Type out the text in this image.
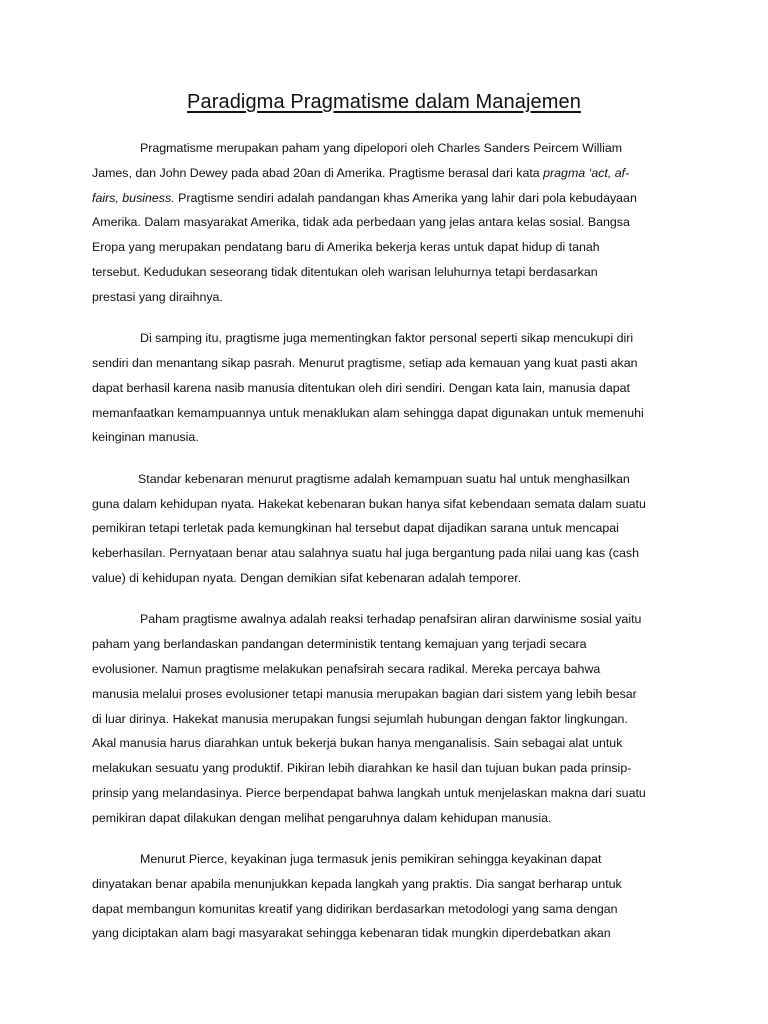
Paradigma Pragmatisme dalam Manajemen

Pragmatisme merupakan paham yang dipelopori oleh Charles Sanders Peircem William
James, dan John Dewey pada abad 20an di Amerika. Pragtisme berasal dari kata pragma ‘act, af-
fairs, business. Pragtisme sendiri adalah pandangan khas Amerika yang lahir dari pola kebudayaan
Amerika. Dalam masyarakat Amerika, tidak ada perbedaan yang jelas antara kelas sosial. Bangsa
Eropa yang merupakan pendatang baru di Amerika bekerja keras untuk dapat hidup di tanah
tersebut. Kedudukan seseorang tidak ditentukan oleh warisan leluhurnya tetapi berdasarkan
prestasi yang diraihnya.

Di samping itu, pragtisme juga mementingkan faktor personal seperti sikap mencukupi diri
sendiri dan menantang sikap pasrah. Menurut pragtisme, setiap ada kemauan yang kuat pasti akan
dapat berhasil karena nasib manusia ditentukan oleh diri sendiri. Dengan kata lain, manusia dapat
memanfaatkan kemampuannya untuk menaklukan alam sehingga dapat digunakan untuk memenuhi
keinginan manusia.

Standar kebenaran menurut pragtisme adalah kemampuan suatu hal untuk menghasilkan
guna dalam kehidupan nyata. Hakekat kebenaran bukan hanya sifat kebendaan semata dalam suatu
pemikiran tetapi terletak pada kemungkinan hal tersebut dapat dijadikan sarana untuk mencapai
keberhasilan. Pernyataan benar atau salahnya suatu hal juga bergantung pada nilai uang kas (cash
value) di kehidupan nyata. Dengan demikian sifat kebenaran adalah temporer.

Paham pragtisme awalnya adalah reaksi terhadap penafsiran aliran darwinisme sosial yaitu
paham yang berlandaskan pandangan deterministik tentang kemajuan yang terjadi secara
evolusioner. Namun pragtisme melakukan penafsirah secara radikal. Mereka percaya bahwa
manusia melalui proses evolusioner tetapi manusia merupakan bagian dari sistem yang lebih besar
di luar dirinya. Hakekat manusia merupakan fungsi sejumlah hubungan dengan faktor lingkungan.
Akal manusia harus diarahkan untuk bekerja bukan hanya menganalisis. Sain sebagai alat untuk
melakukan sesuatu yang produktif. Pikiran lebih diarahkan ke hasil dan tujuan bukan pada prinsip-
prinsip yang melandasinya. Pierce berpendapat bahwa langkah untuk menjelaskan makna dari suatu
pemikiran dapat dilakukan dengan melihat pengaruhnya dalam kehidupan manusia.

Menurut Pierce, keyakinan juga termasuk jenis pemikiran sehingga keyakinan dapat
dinyatakan benar apabila menunjukkan kepada langkah yang praktis. Dia sangat berharap untuk
dapat membangun komunitas kreatif yang didirikan berdasarkan metodologi yang sama dengan
yang diciptakan alam bagi masyarakat sehingga kebenaran tidak mungkin diperdebatkan akan
